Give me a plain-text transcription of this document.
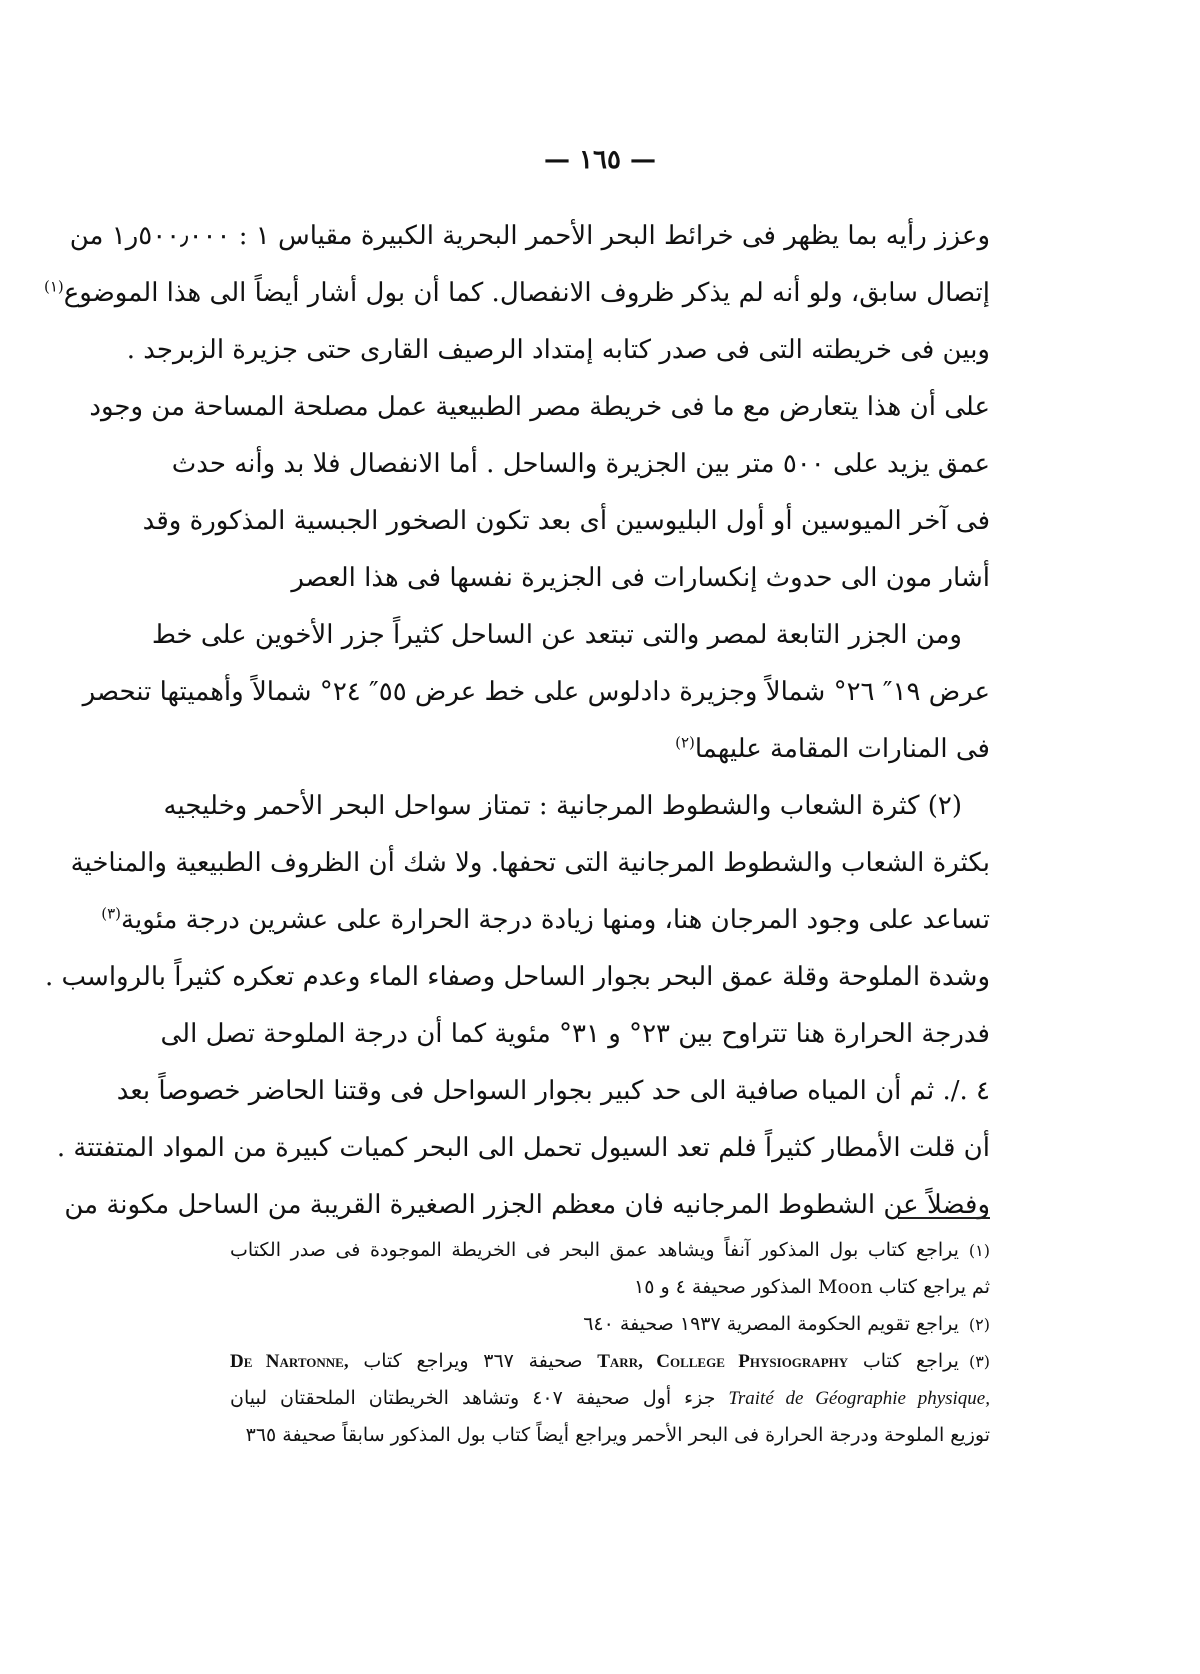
— ١٦٥ —
وعزز رأيه بما يظهر فى خرائط البحر الأحمر البحرية الكبيرة مقياس ١ : ٥٠٠٫٠٠٠ر١ من
إتصال سابق، ولو أنه لم يذكر ظروف الانفصال. كما أن بول أشار أيضاً الى هذا الموضوع$^{(١)}$
وبين فى خريطته التى فى صدر كتابه إمتداد الرصيف القارى حتى جزيرة الزبرجد .
على أن هذا يتعارض مع ما فى خريطة مصر الطبيعية عمل مصلحة المساحة من وجود
عمق يزيد على ٥٠٠ متر بين الجزيرة والساحل . أما الانفصال فلا بد وأنه حدث
فى آخر الميوسين أو أول البليوسين أى بعد تكون الصخور الجبسية المذكورة وقد
أشار مون الى حدوث إنكسارات فى الجزيرة نفسها فى هذا العصر
ومن الجزر التابعة لمصر والتى تبتعد عن الساحل كثيراً جزر الأخوين على خط
عرض ١٩″ ٢٦° شمالاً وجزيرة دادلوس على خط عرض ٥٥″ ٢٤° شمالاً وأهميتها تنحصر
فى المنارات المقامة عليهما$^{(٢)}$
(٢) كثرة الشعاب والشطوط المرجانية : تمتاز سواحل البحر الأحمر وخليجيه
بكثرة الشعاب والشطوط المرجانية التى تحفها. ولا شك أن الظروف الطبيعية والمناخية
تساعد على وجود المرجان هنا، ومنها زيادة درجة الحرارة على عشرين درجة مئوية$^{(٣)}$
وشدة الملوحة وقلة عمق البحر بجوار الساحل وصفاء الماء وعدم تعكره كثيراً بالرواسب .
فدرجة الحرارة هنا تتراوح بين ٢٣° و ٣١° مئوية كما أن درجة الملوحة تصل الى
٤ ./. ثم أن المياه صافية الى حد كبير بجوار السواحل فى وقتنا الحاضر خصوصاً بعد
أن قلت الأمطار كثيراً فلم تعد السيول تحمل الى البحر كميات كبيرة من المواد المتفتتة .
وفضلاً عن الشطوط المرجانيه فان معظم الجزر الصغيرة القريبة من الساحل مكونة من
(١)يراجع كتاب بول المذكور آنفاً ويشاهد عمق البحر فى الخريطة الموجودة فى صدر الكتاب
ثم يراجع كتاب Moon المذكور صحيفة ٤ و ١٥
(٢)يراجع تقويم الحكومة المصرية ١٩٣٧ صحيفة ٦٤٠
(٣)يراجع كتاب Tarr, College Physiography صحيفة ٣٦٧ ويراجع كتاب De Nartonne,
Traité de Géographie physique, جزء أول صحيفة ٤٠٧ وتشاهد الخريطتان الملحقتان لبيان
توزيع الملوحة ودرجة الحرارة فى البحر الأحمر ويراجع أيضاً كتاب بول المذكور سابقاً صحيفة ٣٦٥
